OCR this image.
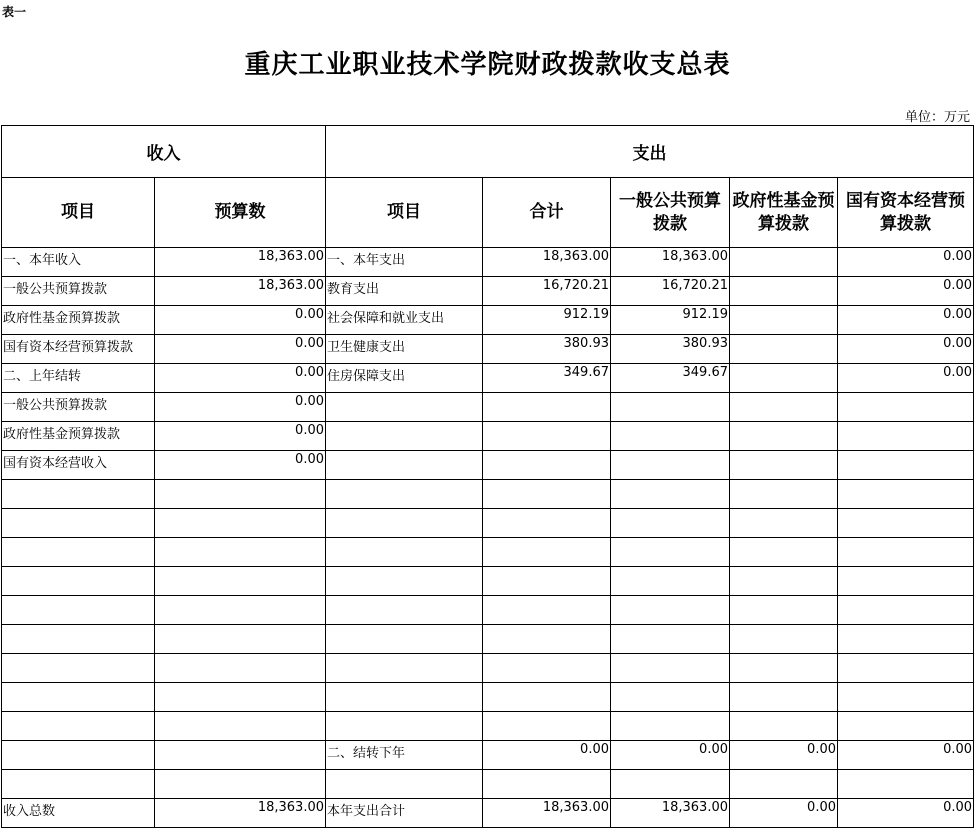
表一
重庆工业职业技术学院财政拨款收支总表
单位：万元
收入		支出				
项目	预算数	项目	合计	一般公共预算拨款	政府性基金预算拨款	国有资本经营预算拨款
一、本年收入	18,363.00	一、本年支出	18,363.00	18,363.00		0.00
一般公共预算拨款	18,363.00	教育支出	16,720.21	16,720.21		0.00
政府性基金预算拨款	0.00	社会保障和就业支出	912.19	912.19		0.00
国有资本经营预算拨款	0.00	卫生健康支出	380.93	380.93		0.00
二、上年结转	0.00	住房保障支出	349.67	349.67		0.00
一般公共预算拨款	0.00					
政府性基金预算拨款	0.00					
国有资本经营收入	0.00					

		二、结转下年	0.00	0.00	0.00	0.00

收入总数	18,363.00	本年支出合计	18,363.00	18,363.00	0.00	0.00
